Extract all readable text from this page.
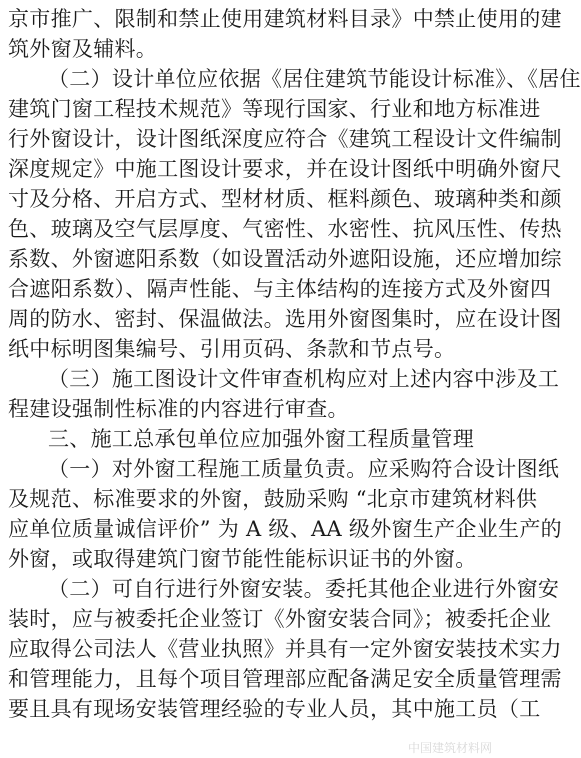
京市推广、限制和禁止使用建筑材料目录》中禁止使用的建
筑外窗及辅料。
（二）设计单位应依据《居住建筑节能设计标准》、《居住
建筑门窗工程技术规范》等现行国家、行业和地方标准进
行外窗设计，设计图纸深度应符合《建筑工程设计文件编制
深度规定》中施工图设计要求，并在设计图纸中明确外窗尺
寸及分格、开启方式、型材材质、框料颜色、玻璃种类和颜
色、玻璃及空气层厚度、气密性、水密性、抗风压性、传热
系数、外窗遮阳系数（如设置活动外遮阳设施，还应增加综
合遮阳系数）、隔声性能、与主体结构的连接方式及外窗四
周的防水、密封、保温做法。选用外窗图集时，应在设计图
纸中标明图集编号、引用页码、条款和节点号。
（三）施工图设计文件审查机构应对上述内容中涉及工
程建设强制性标准的内容进行审查。
三、施工总承包单位应加强外窗工程质量管理
（一）对外窗工程施工质量负责。应采购符合设计图纸
及规范、标准要求的外窗，鼓励采购 “北京市建筑材料供
应单位质量诚信评价” 为 A 级、AA 级外窗生产企业生产的
外窗，或取得建筑门窗节能性能标识证书的外窗。
（二）可自行进行外窗安装。委托其他企业进行外窗安
装时，应与被委托企业签订《外窗安装合同》；被委托企业
应取得公司法人《营业执照》并具有一定外窗安装技术实力
和管理能力，且每个项目管理部应配备满足安全质量管理需
要且具有现场安装管理经验的专业人员，其中施工员（工
中国建筑材料网
